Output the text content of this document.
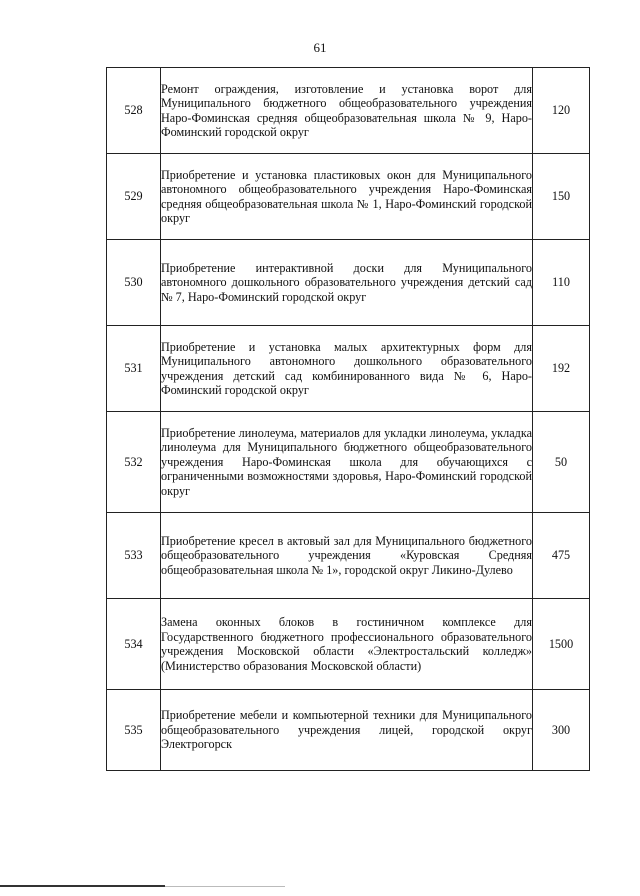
61
528	Ремонт ограждения, изготовление и установка ворот для Муниципального бюджетного общеобразовательного учреждения Наро-Фоминская средняя общеобразовательная школа № 9, Наро-Фоминский городской округ	120
529	Приобретение и установка пластиковых окон для Муниципального автономного общеобразовательного учреждения Наро-Фоминская средняя общеобразовательная школа № 1, Наро-Фоминский городской округ	150
530	Приобретение интерактивной доски для Муниципального автономного дошкольного образовательного учреждения детский сад № 7, Наро-Фоминский городской округ	110
531	Приобретение и установка малых архитектурных форм для Муниципального автономного дошкольного образовательного учреждения детский сад комбинированного вида № 6, Наро-Фоминский городской округ	192
532	Приобретение линолеума, материалов для укладки линолеума, укладка линолеума для Муниципального бюджетного общеобразовательного учреждения Наро-Фоминская школа для обучающихся с ограниченными возможностями здоровья, Наро-Фоминский городской округ	50
533	Приобретение кресел в актовый зал для Муниципального бюджетного общеобразовательного учреждения «Куровская Средняя общеобразовательная школа № 1», городской округ Ликино-Дулево	475
534	Замена оконных блоков в гостиничном комплексе для Государственного бюджетного профессионального образовательного учреждения Московской области «Электростальский колледж» (Министерство образования Московской области)	1500
535	Приобретение мебели и компьютерной техники для Муниципального общеобразовательного учреждения лицей, городской округ Электрогорск	300
